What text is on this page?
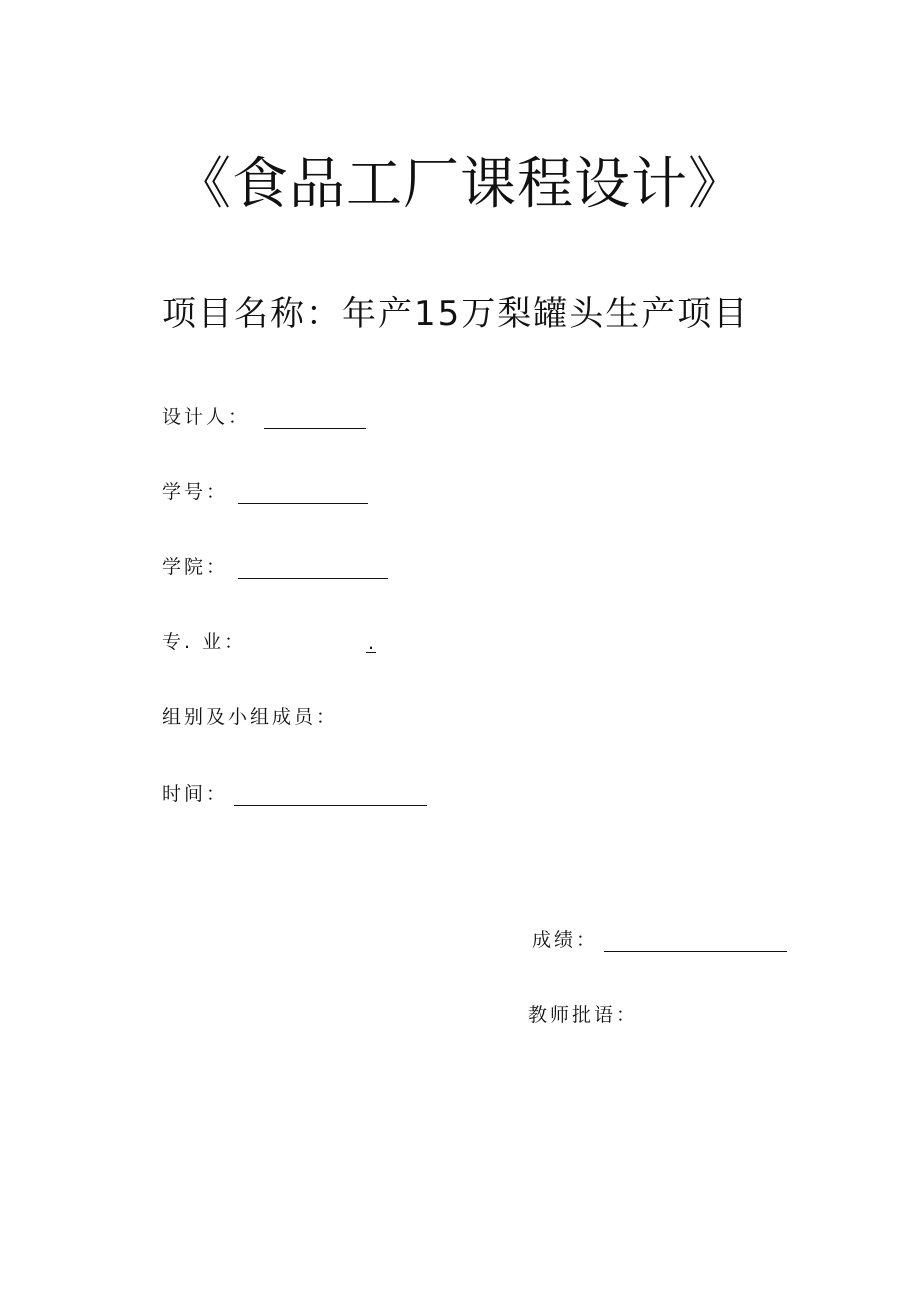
《食品工厂课程设计》
项目名称：年产15万梨罐头生产项目
设计人：
学号：
学院：
专. 业：	.
组别及小组成员：
时间：
成绩：
教师批语：
